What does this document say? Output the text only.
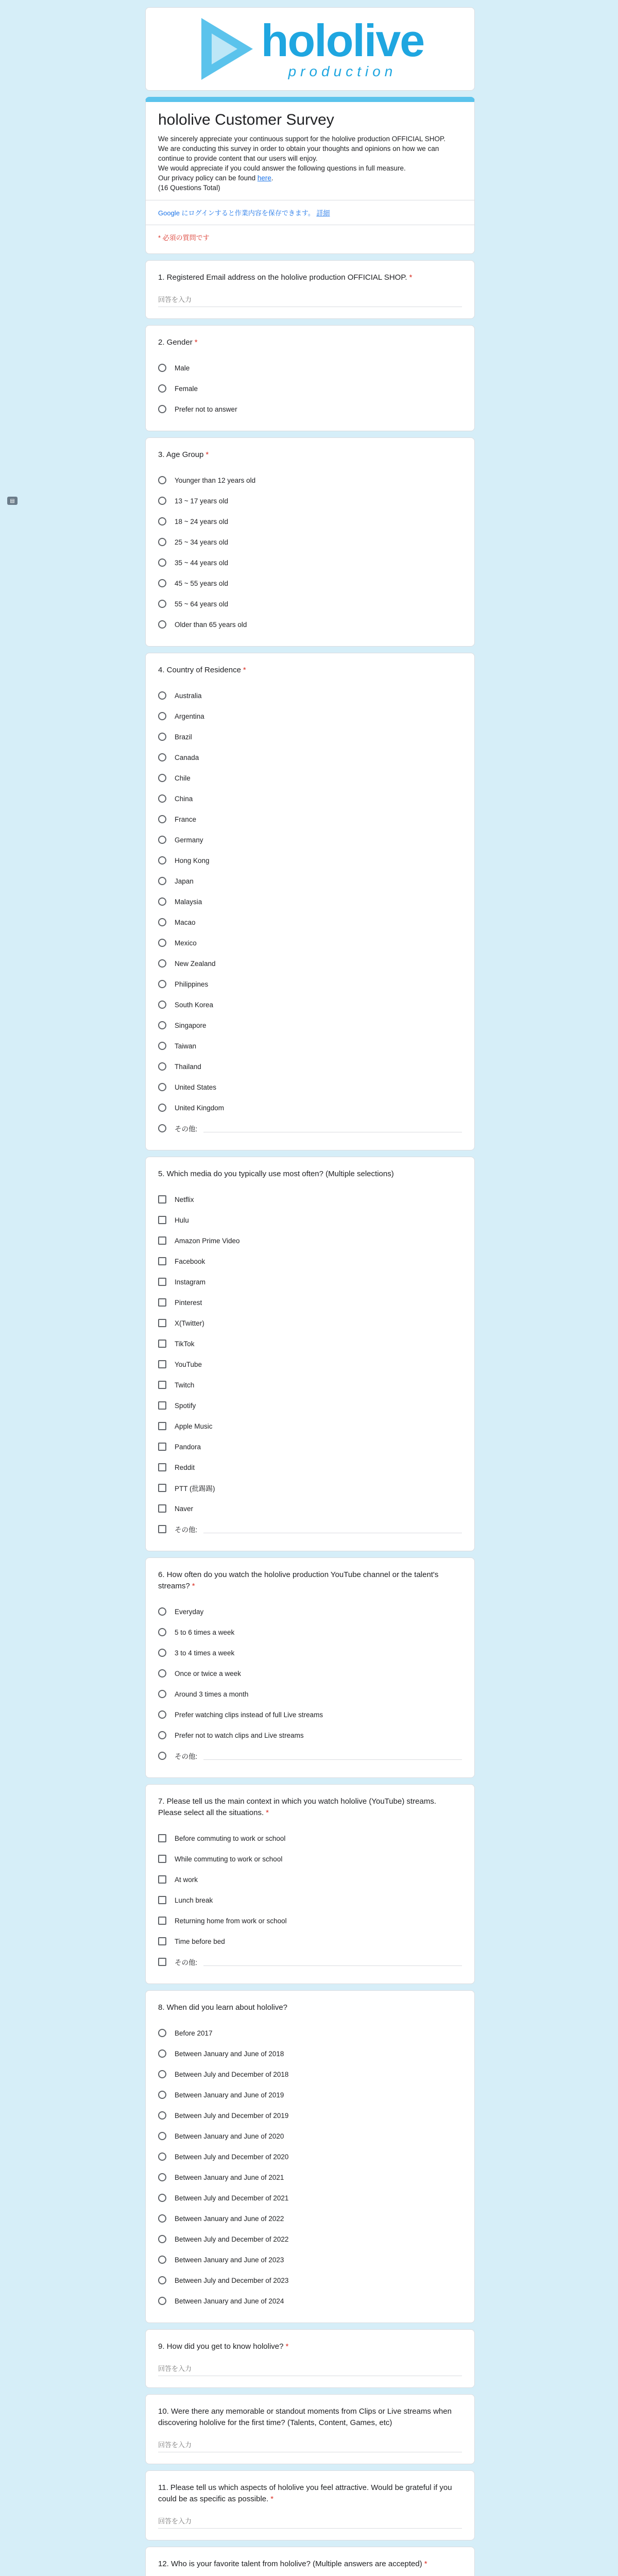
▤
hololive
production
hololive Customer Survey
We sincerely appreciate your continuous support for the hololive production OFFICIAL SHOP.
We are conducting this survey in order to obtain your thoughts and opinions on how we can continue to provide content that our users will enjoy.
We would appreciate if you could answer the following questions in full measure.
Our privacy policy can be found here.
(16 Questions Total)
Google にログインすると作業内容を保存できます。 詳細
* 必須の質問です
1. Registered Email address on the hololive production OFFICIAL SHOP. *
回答を入力
2. Gender *
Male
Female
Prefer not to answer
3. Age Group *
Younger than 12 years old
13 ~ 17 years old
18 ~ 24 years old
25 ~ 34 years old
35 ~ 44 years old
45 ~ 55 years old
55 ~ 64 years old
Older than 65 years old
4. Country of Residence *
Australia
Argentina
Brazil
Canada
Chile
China
France
Germany
Hong Kong
Japan
Malaysia
Macao
Mexico
New Zealand
Philippines
South Korea
Singapore
Taiwan
Thailand
United States
United Kingdom
その他:
5. Which media do you typically use most often? (Multiple selections)
Netflix
Hulu
Amazon Prime Video
Facebook
Instagram
Pinterest
X(Twitter)
TikTok
YouTube
Twitch
Spotify
Apple Music
Pandora
Reddit
PTT (批踢踢)
Naver
その他:
6. How often do you watch the hololive production YouTube channel or the talent's streams? *
Everyday
5 to 6 times a week
3 to 4 times a week
Once or twice a week
Around 3 times a month
Prefer watching clips instead of full Live streams
Prefer not to watch clips and Live streams
その他:
7. Please tell us the main context in which you watch hololive (YouTube) streams. Please select all the situations. *
Before commuting to work or school
While commuting to work or school
At work
Lunch break
Returning home from work or school
Time before bed
その他:
8. When did you learn about hololive?
Before 2017
Between January and June of 2018
Between July and December of 2018
Between January and June of 2019
Between July and December of 2019
Between January and June of 2020
Between July and December of 2020
Between January and June of 2021
Between July and December of 2021
Between January and June of 2022
Between July and December of 2022
Between January and June of 2023
Between July and December of 2023
Between January and June of 2024
9. How did you get to know hololive? *
回答を入力
10. Were there any memorable or standout moments from Clips or Live streams when discovering hololive for the first time? (Talents, Content, Games, etc)
回答を入力
11. Please tell us which aspects of hololive you feel attractive. Would be grateful if you could be as specific as possible. *
回答を入力
12. Who is your favorite talent from hololive? (Multiple answers are accepted) *
